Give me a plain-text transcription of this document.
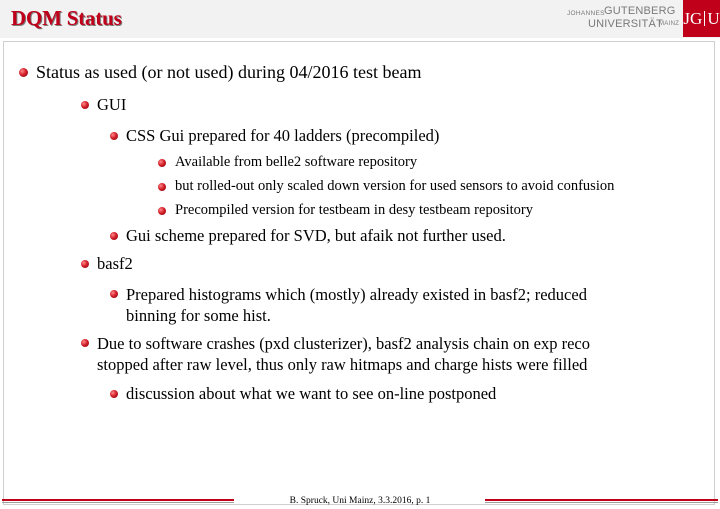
DQM Status	JOHANNES GUTENBERG
UNIVERSITÄT
MAINZ JG U
Status as used (or not used) during 04/2016 test beam
GUI
CSS Gui prepared for 40 ladders (precompiled)
Available from belle2 software repository
but rolled-out only scaled down version for used sensors to avoid confusion
Precompiled version for testbeam in desy testbeam repository
Gui scheme prepared for SVD, but afaik not further used.
basf2
Prepared histograms which (mostly) already existed in basf2; reduced
binning for some hist.
Due to software crashes (pxd clusterizer), basf2 analysis chain on exp reco
stopped after raw level, thus only raw hitmaps and charge hists were filled
discussion about what we want to see on-line postponed
B. Spruck, Uni Mainz, 3.3.2016, p. 1
